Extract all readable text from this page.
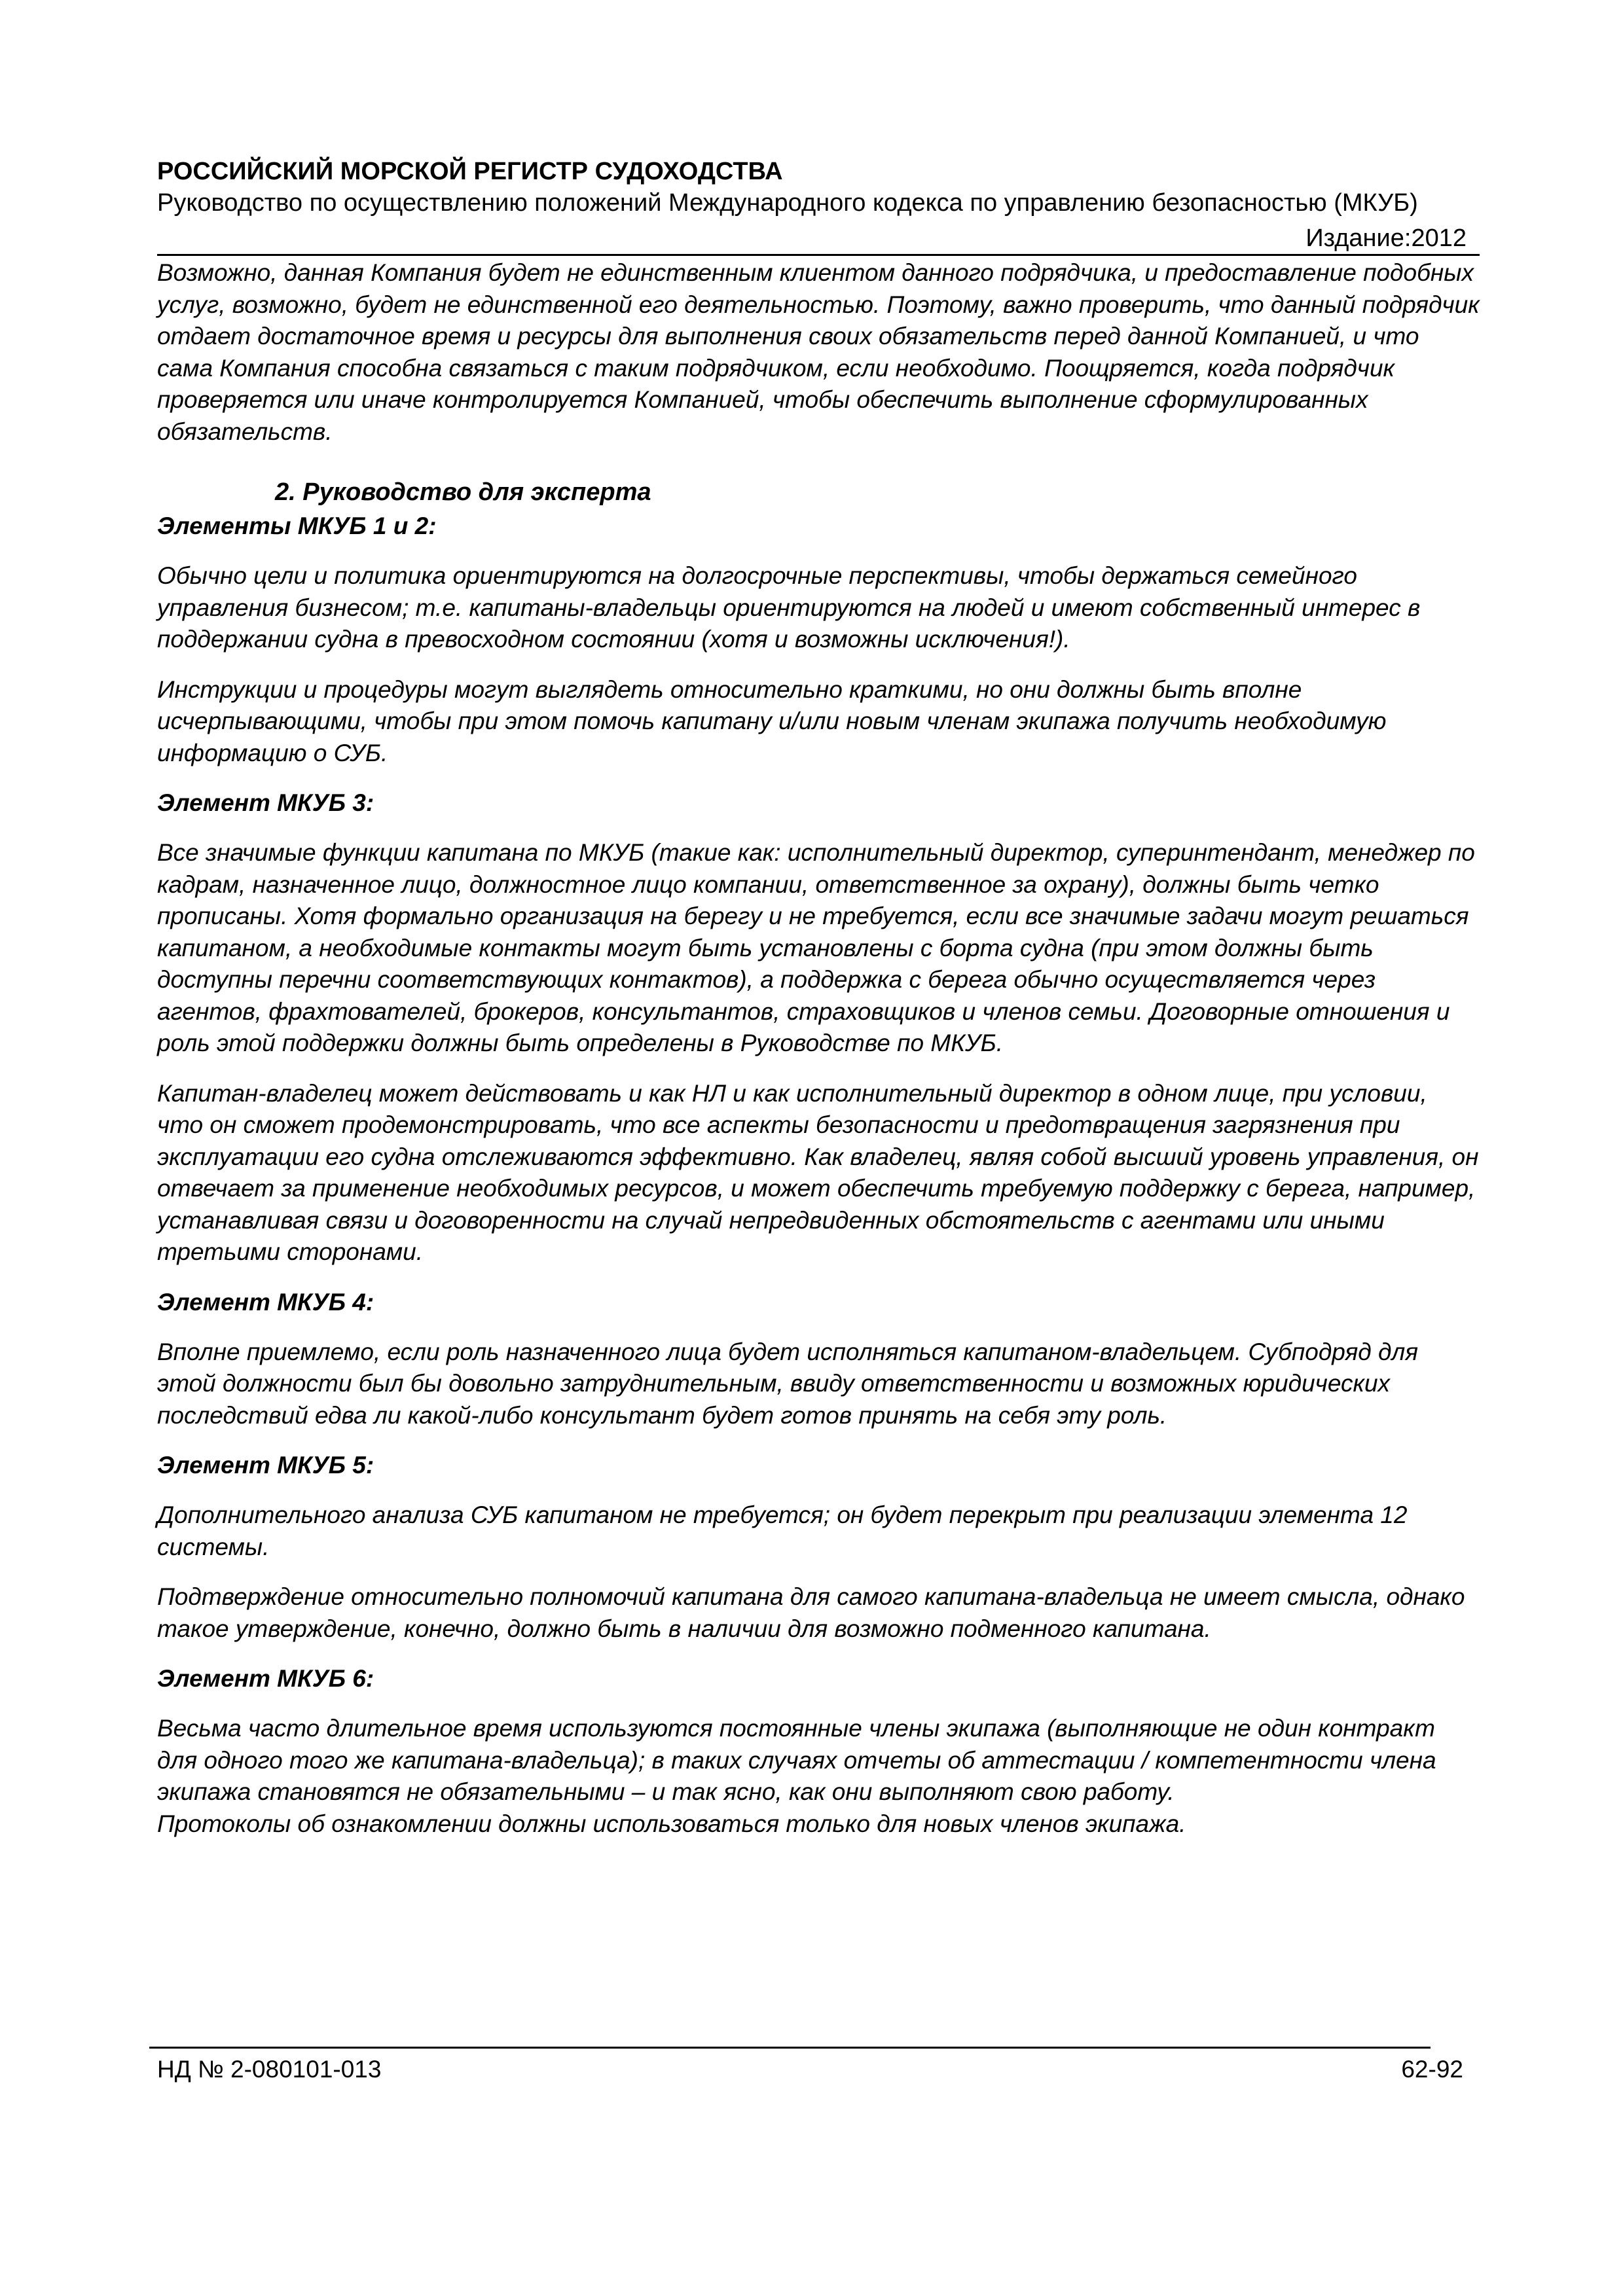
РОССИЙСКИЙ МОРСКОЙ РЕГИСТР СУДОХОДСТВА
Руководство по осуществлению положений Международного кодекса по управлению безопасностью (МКУБ)
Издание:2012

Возможно, данная Компания будет не единственным клиентом данного подрядчика, и предоставление подобных услуг, возможно, будет не единственной его деятельностью. Поэтому, важно проверить, что данный подрядчик отдает достаточное время и ресурсы для выполнения своих обязательств перед данной Компанией, и что сама Компания способна связаться с таким подрядчиком, если необходимо. Поощряется, когда подрядчик проверяется или иначе контролируется Компанией, чтобы обеспечить выполнение сформулированных обязательств.

2. Руководство для эксперта
Элементы МКУБ 1 и 2:

Обычно цели и политика ориентируются на долгосрочные перспективы, чтобы держаться семейного управления бизнесом; т.е. капитаны-владельцы ориентируются на людей и имеют собственный интерес в поддержании судна в превосходном состоянии (хотя и возможны исключения!).

Инструкции и процедуры могут выглядеть относительно краткими, но они должны быть вполне исчерпывающими, чтобы при этом помочь капитану и/или новым членам экипажа получить необходимую информацию о СУБ.

Элемент МКУБ 3:

Все значимые функции капитана по МКУБ (такие как: исполнительный директор, суперинтендант, менеджер по кадрам, назначенное лицо, должностное лицо компании, ответственное за охрану), должны быть четко прописаны. Хотя формально организация на берегу и не требуется, если все значимые задачи могут решаться капитаном, а необходимые контакты могут быть установлены с борта судна (при этом должны быть доступны перечни соответствующих контактов), а поддержка с берега обычно осуществляется через агентов, фрахтователей, брокеров, консультантов, страховщиков и членов семьи. Договорные отношения и роль этой поддержки должны быть определены в Руководстве по МКУБ.

Капитан-владелец может действовать и как НЛ и как исполнительный директор в одном лице, при условии, что он сможет продемонстрировать, что все аспекты безопасности и предотвращения загрязнения при эксплуатации его судна отслеживаются эффективно. Как владелец, являя собой высший уровень управления, он отвечает за применение необходимых ресурсов, и может обеспечить требуемую поддержку с берега, например, устанавливая связи и договоренности на случай непредвиденных обстоятельств с агентами или иными третьими сторонами.

Элемент МКУБ 4:

Вполне приемлемо, если роль назначенного лица будет исполняться капитаном-владельцем. Субподряд для этой должности был бы довольно затруднительным, ввиду ответственности и возможных юридических последствий едва ли какой-либо консультант будет готов принять на себя эту роль.

Элемент МКУБ 5:

Дополнительного анализа СУБ капитаном не требуется; он будет перекрыт при реализации элемента 12 системы.

Подтверждение относительно полномочий капитана для самого капитана-владельца не имеет смысла, однако такое утверждение, конечно, должно быть в наличии для возможно подменного капитана.

Элемент МКУБ 6:

Весьма часто длительное время используются постоянные члены экипажа (выполняющие не один контракт для одного того же капитана-владельца); в таких случаях отчеты об аттестации / компетентности члена экипажа становятся не обязательными – и так ясно, как они выполняют свою работу.

Протоколы об ознакомлении должны использоваться только для новых членов экипажа.

НД № 2-080101-013	62-92
